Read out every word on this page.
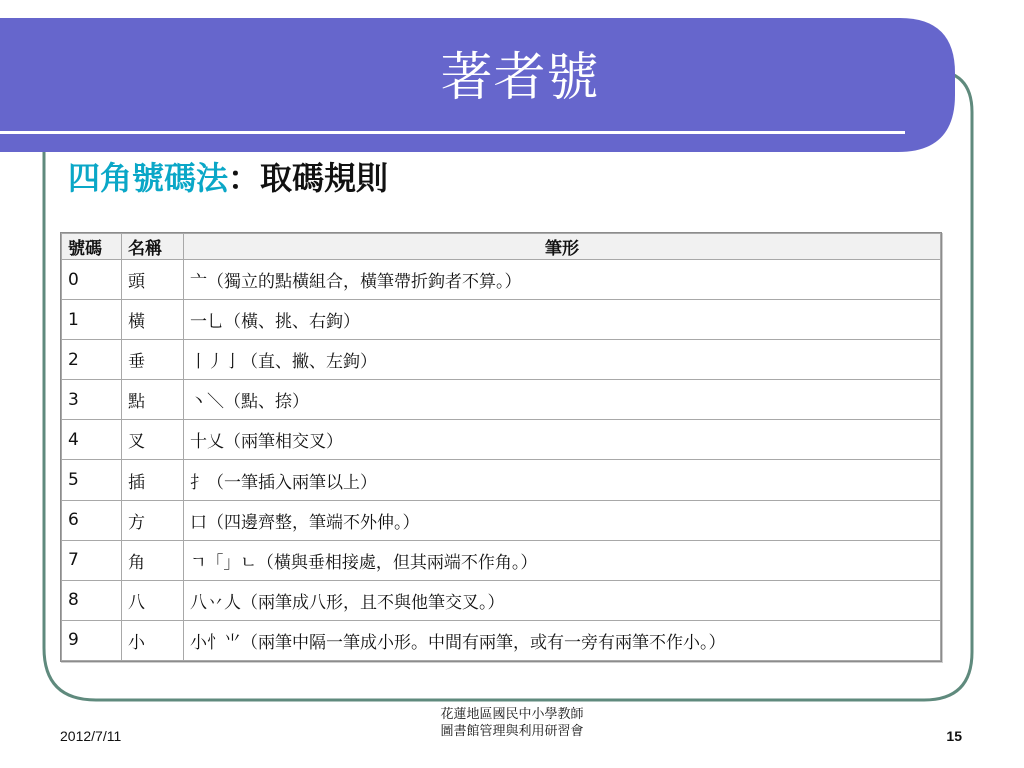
著者號
四角號碼法：取碼規則
號碼	名稱	筆形
0	頭	亠（獨立的點橫組合，橫筆帶折鉤者不算。）
1	橫	一乚（橫、挑、右鉤）
2	垂	丨丿亅（直、撇、左鉤）
3	點	丶＼（點、捺）
4	叉	十乂（兩筆相交叉）
5	插	扌（一筆插入兩筆以上）
6	方	口（四邊齊整，筆端不外伸。）
7	角	ㄱ「」ㄴ（橫與垂相接處，但其兩端不作角。）
8	八	八丷人（兩筆成八形，且不與他筆交叉。）
9	小	小忄⺌（兩筆中隔一筆成小形。中間有兩筆，或有一旁有兩筆不作小。）
2012/7/11
花蓮地區國民中小學教師
圖書館管理與利用研習會	15
